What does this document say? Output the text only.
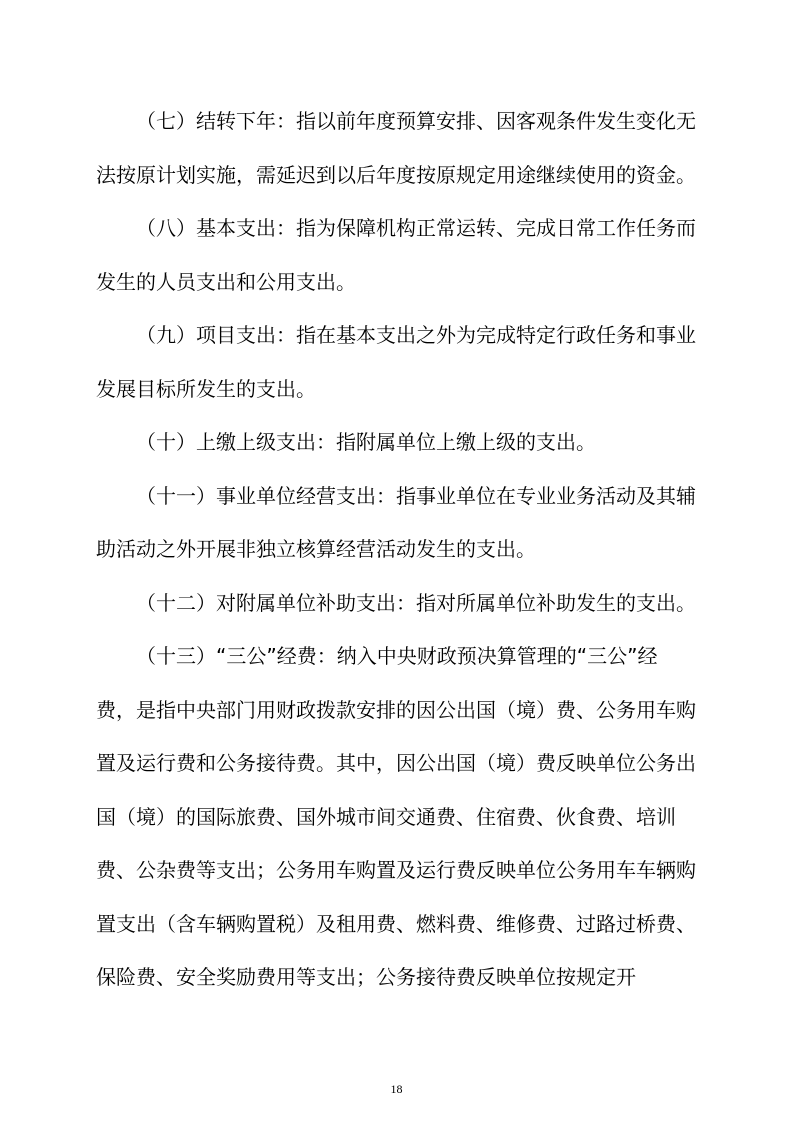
（七）结转下年：指以前年度预算安排、因客观条件发生变化无法按原计划实施，需延迟到以后年度按原规定用途继续使用的资金。

（八）基本支出：指为保障机构正常运转、完成日常工作任务而发生的人员支出和公用支出。

（九）项目支出：指在基本支出之外为完成特定行政任务和事业发展目标所发生的支出。

（十）上缴上级支出：指附属单位上缴上级的支出。

（十一）事业单位经营支出：指事业单位在专业业务活动及其辅助活动之外开展非独立核算经营活动发生的支出。

（十二）对附属单位补助支出：指对所属单位补助发生的支出。

（十三）“三公”经费：纳入中央财政预决算管理的“三公”经费，是指中央部门用财政拨款安排的因公出国（境）费、公务用车购置及运行费和公务接待费。其中，因公出国（境）费反映单位公务出国（境）的国际旅费、国外城市间交通费、住宿费、伙食费、培训费、公杂费等支出；公务用车购置及运行费反映单位公务用车车辆购置支出（含车辆购置税）及租用费、燃料费、维修费、过路过桥费、保险费、安全奖励费用等支出；公务接待费反映单位按规定开

18
